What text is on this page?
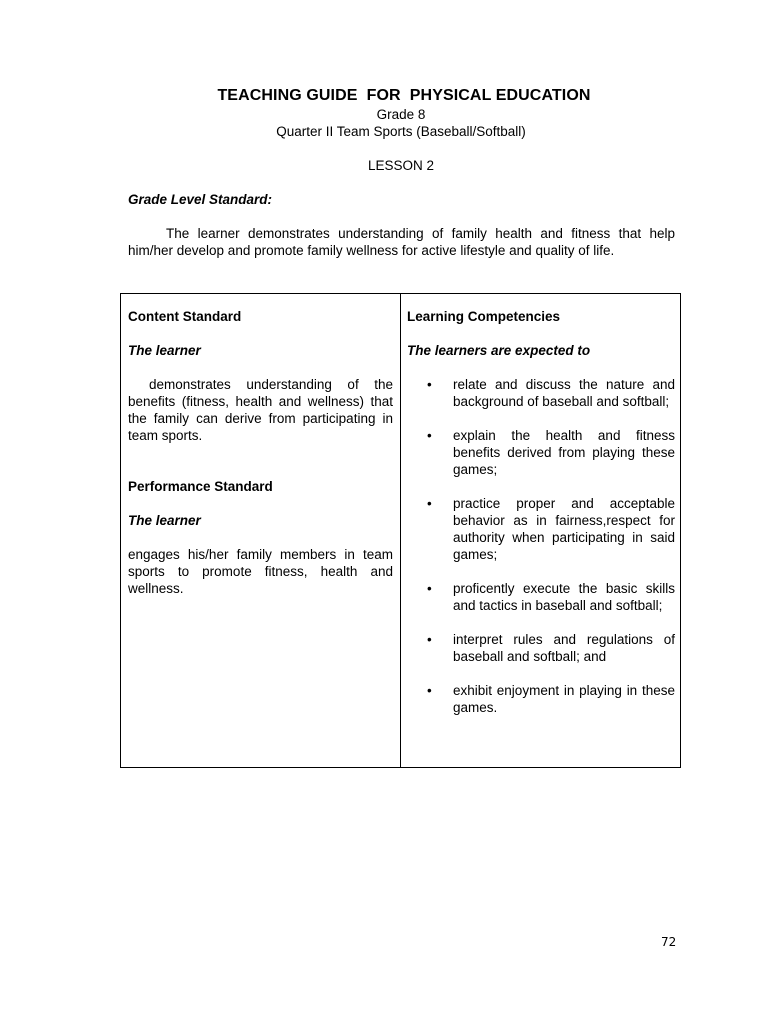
TEACHING GUIDE  FOR  PHYSICAL EDUCATION
Grade 8
Quarter II Team Sports (Baseball/Softball)
LESSON 2
Grade Level Standard:
The learner demonstrates understanding of family health and fitness that help him/her develop and promote family wellness for active lifestyle and quality of life.
Content Standard
The learner
demonstrates understanding of the benefits (fitness, health and wellness) that the family can derive from participating in team sports.
Performance Standard
The learner
engages his/her family members in team sports to promote fitness, health and wellness.
Learning Competencies
The learners are expected to
• relate and discuss the nature and background of baseball and softball;
• explain the health and fitness benefits derived from playing these games;
• practice proper and acceptable behavior as in fairness,respect for authority when participating in said games;
• proficently execute the basic skills and tactics in baseball and softball;
• interpret rules and regulations of baseball and softball; and
• exhibit enjoyment in playing in these games.
72
